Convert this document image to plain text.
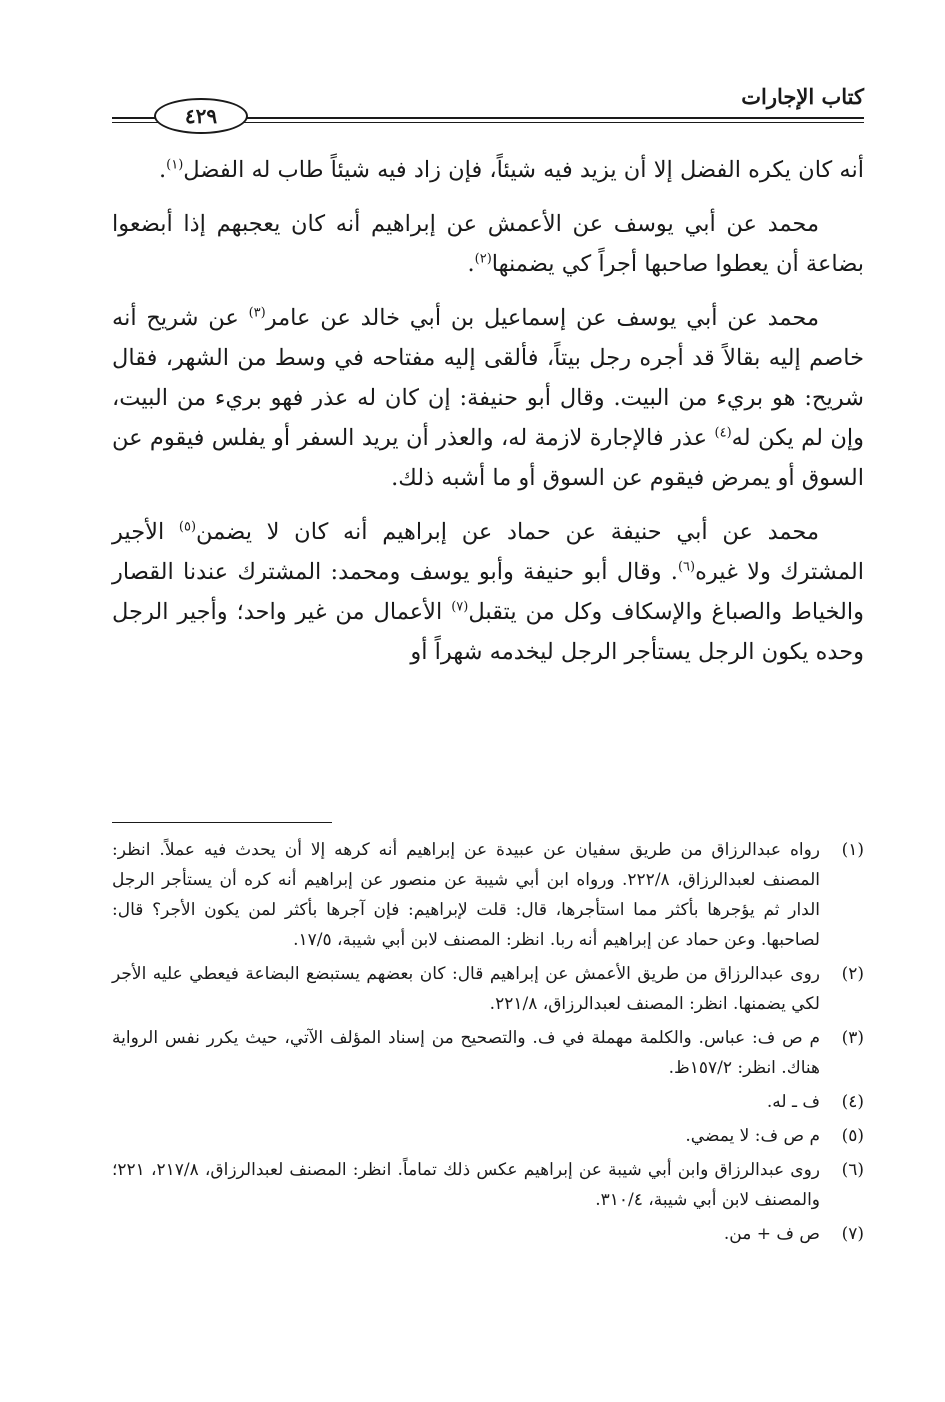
كتاب الإجارات
٤٢٩

أنه كان يكره الفضل إلا أن يزيد فيه شيئاً، فإن زاد فيه شيئاً طاب له الفضل$^{(١)}$.

محمد عن أبي يوسف عن الأعمش عن إبراهيم أنه كان يعجبهم إذا أبضعوا بضاعة أن يعطوا صاحبها أجراً كي يضمنها$^{(٢)}$.

محمد عن أبي يوسف عن إسماعيل بن أبي خالد عن عامر$^{(٣)}$ عن شريح أنه خاصم إليه بقالاً قد أجره رجل بيتاً، فألقى إليه مفتاحه في وسط من الشهر، فقال شريح: هو بريء من البيت. وقال أبو حنيفة: إن كان له عذر فهو بريء من البيت، وإن لم يكن له$^{(٤)}$ عذر فالإجارة لازمة له، والعذر أن يريد السفر أو يفلس فيقوم عن السوق أو يمرض فيقوم عن السوق أو ما أشبه ذلك.

محمد عن أبي حنيفة عن حماد عن إبراهيم أنه كان لا يضمن$^{(٥)}$ الأجير المشترك ولا غيره$^{(٦)}$. وقال أبو حنيفة وأبو يوسف ومحمد: المشترك عندنا القصار والخياط والصباغ والإسكاف وكل من يتقبل$^{(٧)}$ الأعمال من غير واحد؛ وأجير الرجل وحده يكون الرجل يستأجر الرجل ليخدمه شهراً أو

(١)
رواه عبدالرزاق من طريق سفيان عن عبيدة عن إبراهيم أنه كرهه إلا أن يحدث فيه عملاً. انظر: المصنف لعبدالرزاق، ٢٢٢/٨. ورواه ابن أبي شيبة عن منصور عن إبراهيم أنه كره أن يستأجر الرجل الدار ثم يؤجرها بأكثر مما استأجرها، قال: قلت لإبراهيم: فإن آجرها بأكثر لمن يكون الأجر؟ قال: لصاحبها. وعن حماد عن إبراهيم أنه ربا. انظر: المصنف لابن أبي شيبة، ١٧/٥.
(٢)
روى عبدالرزاق من طريق الأعمش عن إبراهيم قال: كان بعضهم يستبضع البضاعة فيعطي عليه الأجر لكي يضمنها. انظر: المصنف لعبدالرزاق، ٢٢١/٨.
(٣)
م ص ف: عباس. والكلمة مهملة في ف. والتصحيح من إسناد المؤلف الآتي، حيث يكرر نفس الرواية هناك. انظر: ١٥٧/٢ظ.
(٤)
ف ـ له.
(٥)
م ص ف: لا يمضي.
(٦)
روى عبدالرزاق وابن أبي شيبة عن إبراهيم عكس ذلك تماماً. انظر: المصنف لعبدالرزاق، ٢١٧/٨، ٢٢١؛ والمصنف لابن أبي شيبة، ٣١٠/٤.
(٧)
ص ف + من.
